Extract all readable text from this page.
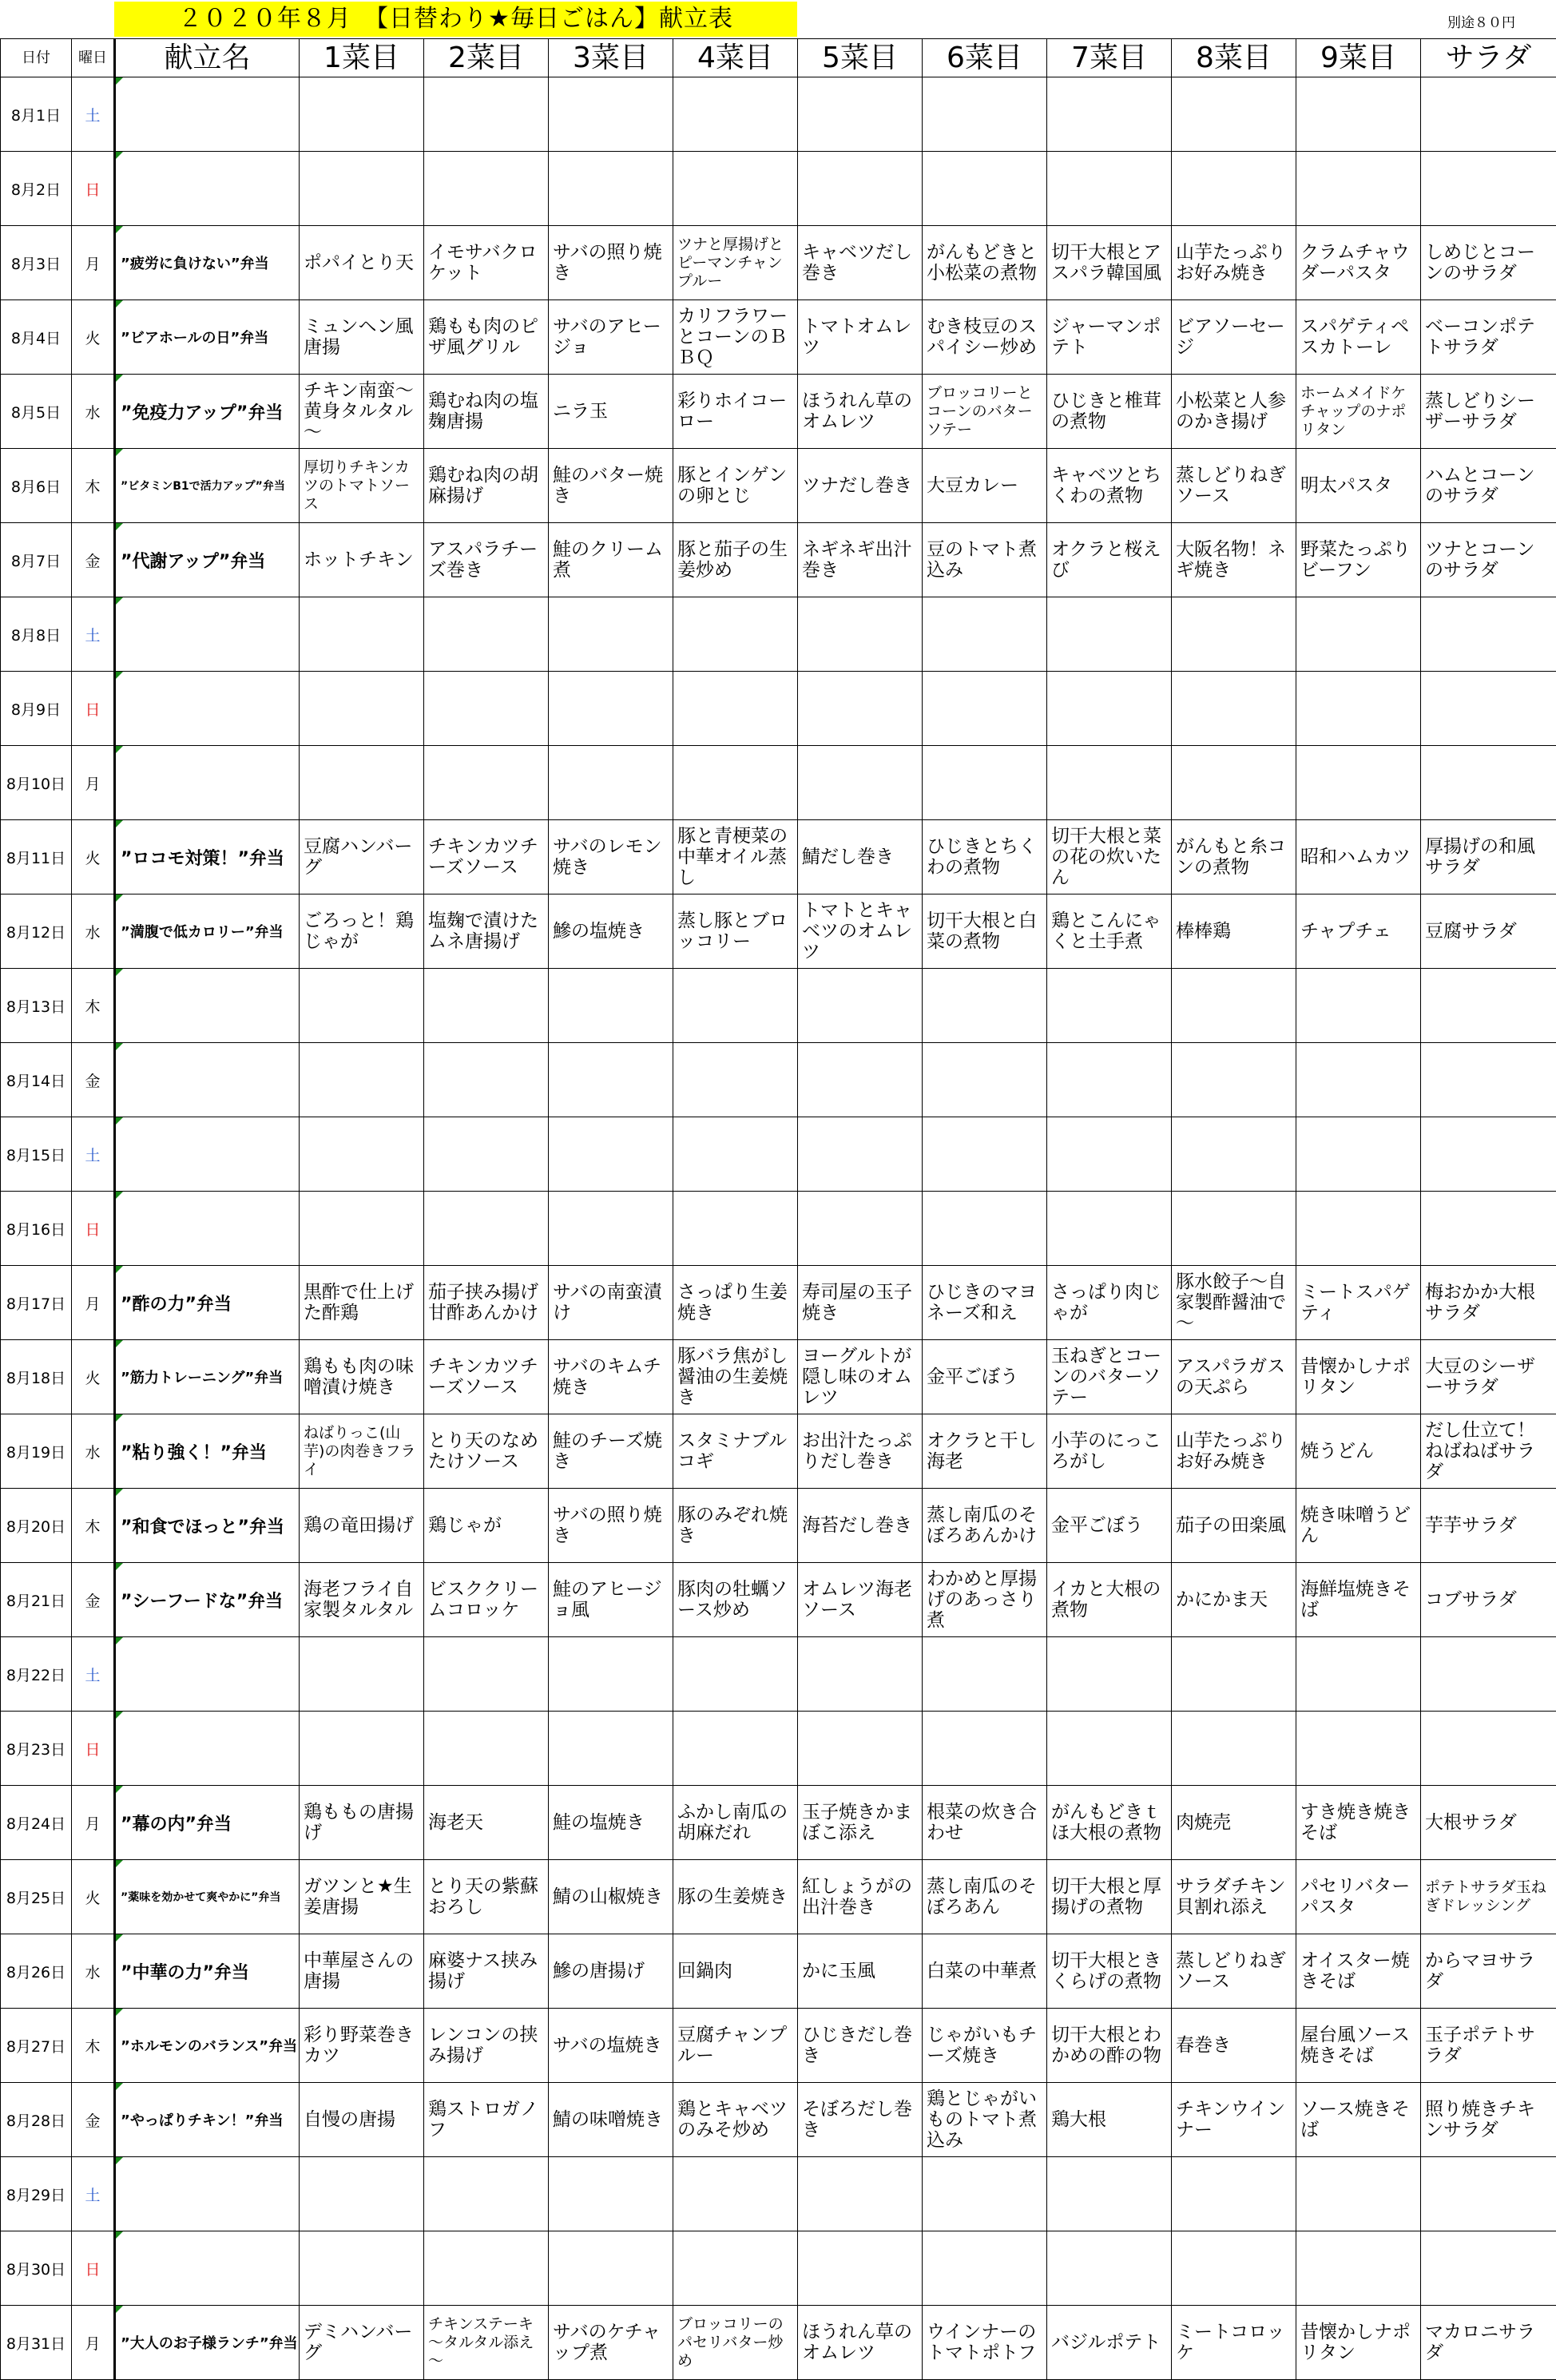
２０２０年８月　【日替わり★毎日ごはん】献立表	別途８０円
日付	曜日	献立名	1菜目	2菜目	3菜目	4菜目	5菜目	6菜目	7菜目	8菜目	9菜目	サラダ
8月1日	土											
8月2日	日											
8月3日	月	”疲労に負けない”弁当	ポパイとり天	イモサバクロケット	サバの照り焼き	ツナと厚揚げとピーマンチャンプルー	キャベツだし巻き	がんもどきと小松菜の煮物	切干大根とアスパラ韓国風	山芋たっぷりお好み焼き	クラムチャウダーパスタ	しめじとコーンのサラダ
8月4日	火	”ビアホールの日”弁当	ミュンヘン風唐揚	鶏もも肉のピザ風グリル	サバのアヒージョ	カリフラワーとコーンのＢＢＱ	トマトオムレツ	むき枝豆のスパイシー炒め	ジャーマンポテト	ビアソーセージ	スパゲティペスカトーレ	ベーコンポテトサラダ
8月5日	水	”免疫力アップ”弁当	チキン南蛮～黄身タルタル～	鶏むね肉の塩麹唐揚	ニラ玉	彩りホイコーロー	ほうれん草のオムレツ	ブロッコリーとコーンのバターソテー	ひじきと椎茸の煮物	小松菜と人参のかき揚げ	ホームメイドケチャップのナポリタン	蒸しどりシーザーサラダ
8月6日	木	”ビタミンB1で活力アップ”弁当	厚切りチキンカツのトマトソース	鶏むね肉の胡麻揚げ	鮭のバター焼き	豚とインゲンの卵とじ	ツナだし巻き	大豆カレー	キャベツとちくわの煮物	蒸しどりねぎソース	明太パスタ	ハムとコーンのサラダ
8月7日	金	”代謝アップ”弁当	ホットチキン	アスパラチーズ巻き	鮭のクリーム煮	豚と茄子の生姜炒め	ネギネギ出汁巻き	豆のトマト煮込み	オクラと桜えび	大阪名物！ネギ焼き	野菜たっぷりビーフン	ツナとコーンのサラダ
8月8日	土											
8月9日	日											
8月10日	月											
8月11日	火	”ロコモ対策！”弁当	豆腐ハンバーグ	チキンカツチーズソース	サバのレモン焼き	豚と青梗菜の中華オイル蒸し	鯖だし巻き	ひじきとちくわの煮物	切干大根と菜の花の炊いたん	がんもと糸コンの煮物	昭和ハムカツ	厚揚げの和風サラダ
8月12日	水	”満腹で低カロリー”弁当	ごろっと！鶏じゃが	塩麹で漬けたムネ唐揚げ	鰺の塩焼き	蒸し豚とブロッコリー	トマトとキャベツのオムレツ	切干大根と白菜の煮物	鶏とこんにゃくと土手煮	棒棒鶏	チャプチェ	豆腐サラダ
8月13日	木											
8月14日	金											
8月15日	土											
8月16日	日											
8月17日	月	”酢の力”弁当	黒酢で仕上げた酢鶏	茄子挟み揚げ甘酢あんかけ	サバの南蛮漬け	さっぱり生姜焼き	寿司屋の玉子焼き	ひじきのマヨネーズ和え	さっぱり肉じゃが	豚水餃子～自家製酢醤油で～	ミートスパゲティ	梅おかか大根サラダ
8月18日	火	”筋力トレーニング”弁当	鶏もも肉の味噌漬け焼き	チキンカツチーズソース	サバのキムチ焼き	豚バラ焦がし醤油の生姜焼き	ヨーグルトが隠し味のオムレツ	金平ごぼう	玉ねぎとコーンのバターソテー	アスパラガスの天ぷら	昔懐かしナポリタン	大豆のシーザーサラダ
8月19日	水	”粘り強く！”弁当	ねばりっこ(山芋)の肉巻きフライ	とり天のなめたけソース	鮭のチーズ焼き	スタミナブルコギ	お出汁たっぷりだし巻き	オクラと干し海老	小芋のにっころがし	山芋たっぷりお好み焼き	焼うどん	だし仕立て！ねばねばサラダ
8月20日	木	”和食でほっと”弁当	鶏の竜田揚げ	鶏じゃが	サバの照り焼き	豚のみぞれ焼き	海苔だし巻き	蒸し南瓜のそぼろあんかけ	金平ごぼう	茄子の田楽風	焼き味噌うどん	芋芋サラダ
8月21日	金	”シーフードな”弁当	海老フライ自家製タルタル	ビスククリームコロッケ	鮭のアヒージョ風	豚肉の牡蠣ソース炒め	オムレツ海老ソース	わかめと厚揚げのあっさり煮	イカと大根の煮物	かにかま天	海鮮塩焼きそば	コブサラダ
8月22日	土											
8月23日	日											
8月24日	月	”幕の内”弁当	鶏ももの唐揚げ	海老天	鮭の塩焼き	ふかし南瓜の胡麻だれ	玉子焼きかまぼこ添え	根菜の炊き合わせ	がんもどきｔほ大根の煮物	肉焼売	すき焼き焼きそば	大根サラダ
8月25日	火	”薬味を効かせて爽やかに”弁当	ガツンと★生姜唐揚	とり天の紫蘇おろし	鯖の山椒焼き	豚の生姜焼き	紅しょうがの出汁巻き	蒸し南瓜のそぼろあん	切干大根と厚揚げの煮物	サラダチキン貝割れ添え	パセリバターパスタ	ポテトサラダ玉ねぎドレッシング
8月26日	水	”中華の力”弁当	中華屋さんの唐揚	麻婆ナス挟み揚げ	鰺の唐揚げ	回鍋肉	かに玉風	白菜の中華煮	切干大根ときくらげの煮物	蒸しどりねぎソース	オイスター焼きそば	からマヨサラダ
8月27日	木	”ホルモンのバランス”弁当	彩り野菜巻きカツ	レンコンの挟み揚げ	サバの塩焼き	豆腐チャンプルー	ひじきだし巻き	じゃがいもチーズ焼き	切干大根とわかめの酢の物	春巻き	屋台風ソース焼きそば	玉子ポテトサラダ
8月28日	金	”やっぱりチキン！”弁当	自慢の唐揚	鶏ストロガノフ	鯖の味噌焼き	鶏とキャベツのみそ炒め	そぼろだし巻き	鶏とじゃがいものトマト煮込み	鶏大根	チキンウインナー	ソース焼きそば	照り焼きチキンサラダ
8月29日	土											
8月30日	日											
8月31日	月	”大人のお子様ランチ”弁当	デミハンバーグ	チキンステーキ～タルタル添え～	サバのケチャップ煮	ブロッコリーのパセリバター炒め	ほうれん草のオムレツ	ウインナーのトマトポトフ	バジルポテト	ミートコロッケ	昔懐かしナポリタン	マカロニサラダ
